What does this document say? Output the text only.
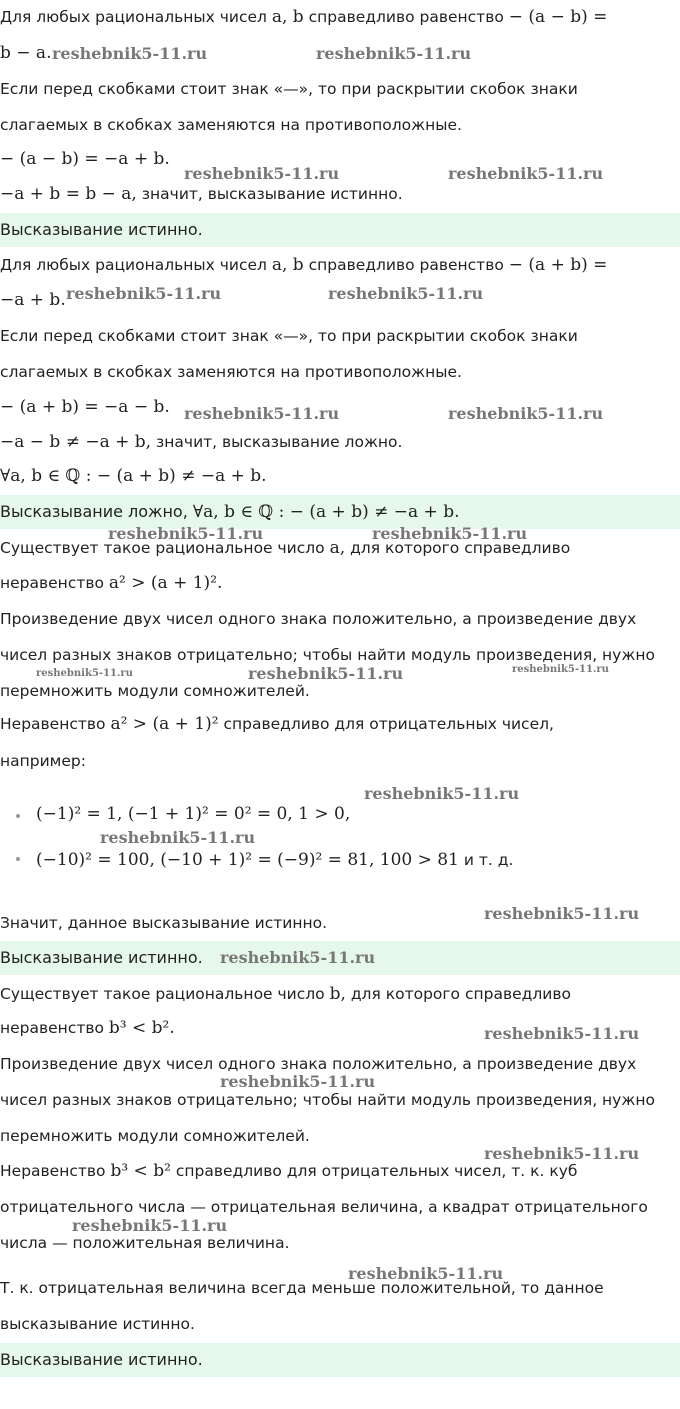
Для любых рациональных чисел a, b справедливо равенство − (a − b) =
b − a.
Если перед скобками стоит знак «—», то при раскрытии скобок знаки
слагаемых в скобках заменяются на противоположные.
− (a − b) = −a + b.
−a + b = b − a, значит, высказывание истинно.
Высказывание истинно.
Для любых рациональных чисел a, b справедливо равенство − (a + b) =
−a + b.
Если перед скобками стоит знак «—», то при раскрытии скобок знаки
слагаемых в скобках заменяются на противоположные.
− (a + b) = −a − b.
−a − b ≠ −a + b, значит, высказывание ложно.
∀a, b ∈ ℚ : − (a + b) ≠ −a + b.
Высказывание ложно, ∀a, b ∈ ℚ : − (a + b) ≠ −a + b.
Существует такое рациональное число a, для которого справедливо
неравенство a² > (a + 1)².
Произведение двух чисел одного знака положительно, а произведение двух
чисел разных знаков отрицательно; чтобы найти модуль произведения, нужно
перемножить модули сомножителей.
Неравенство a² > (a + 1)² справедливо для отрицательных чисел,
например:
(−1)² = 1, (−1 + 1)² = 0² = 0, 1 > 0,
(−10)² = 100, (−10 + 1)² = (−9)² = 81, 100 > 81 и т. д.
Значит, данное высказывание истинно.
Высказывание истинно.
Существует такое рациональное число b, для которого справедливо
неравенство b³ < b².
Произведение двух чисел одного знака положительно, а произведение двух
чисел разных знаков отрицательно; чтобы найти модуль произведения, нужно
перемножить модули сомножителей.
Неравенство b³ < b² справедливо для отрицательных чисел, т. к. куб
отрицательного числа — отрицательная величина, а квадрат отрицательного
числа — положительная величина.
Т. к. отрицательная величина всегда меньше положительной, то данное
высказывание истинно.
Высказывание истинно.
reshebnik5-11.ru	reshebnik5-11.ru
reshebnik5-11.ru	reshebnik5-11.ru
reshebnik5-11.ru	reshebnik5-11.ru
reshebnik5-11.ru	reshebnik5-11.ru
reshebnik5-11.ru	reshebnik5-11.ru
reshebnik5-11.ru	reshebnik5-11.ru	reshebnik5-11.ru
reshebnik5-11.ru
reshebnik5-11.ru
reshebnik5-11.ru
reshebnik5-11.ru
reshebnik5-11.ru
reshebnik5-11.ru
reshebnik5-11.ru
reshebnik5-11.ru
reshebnik5-11.ru
